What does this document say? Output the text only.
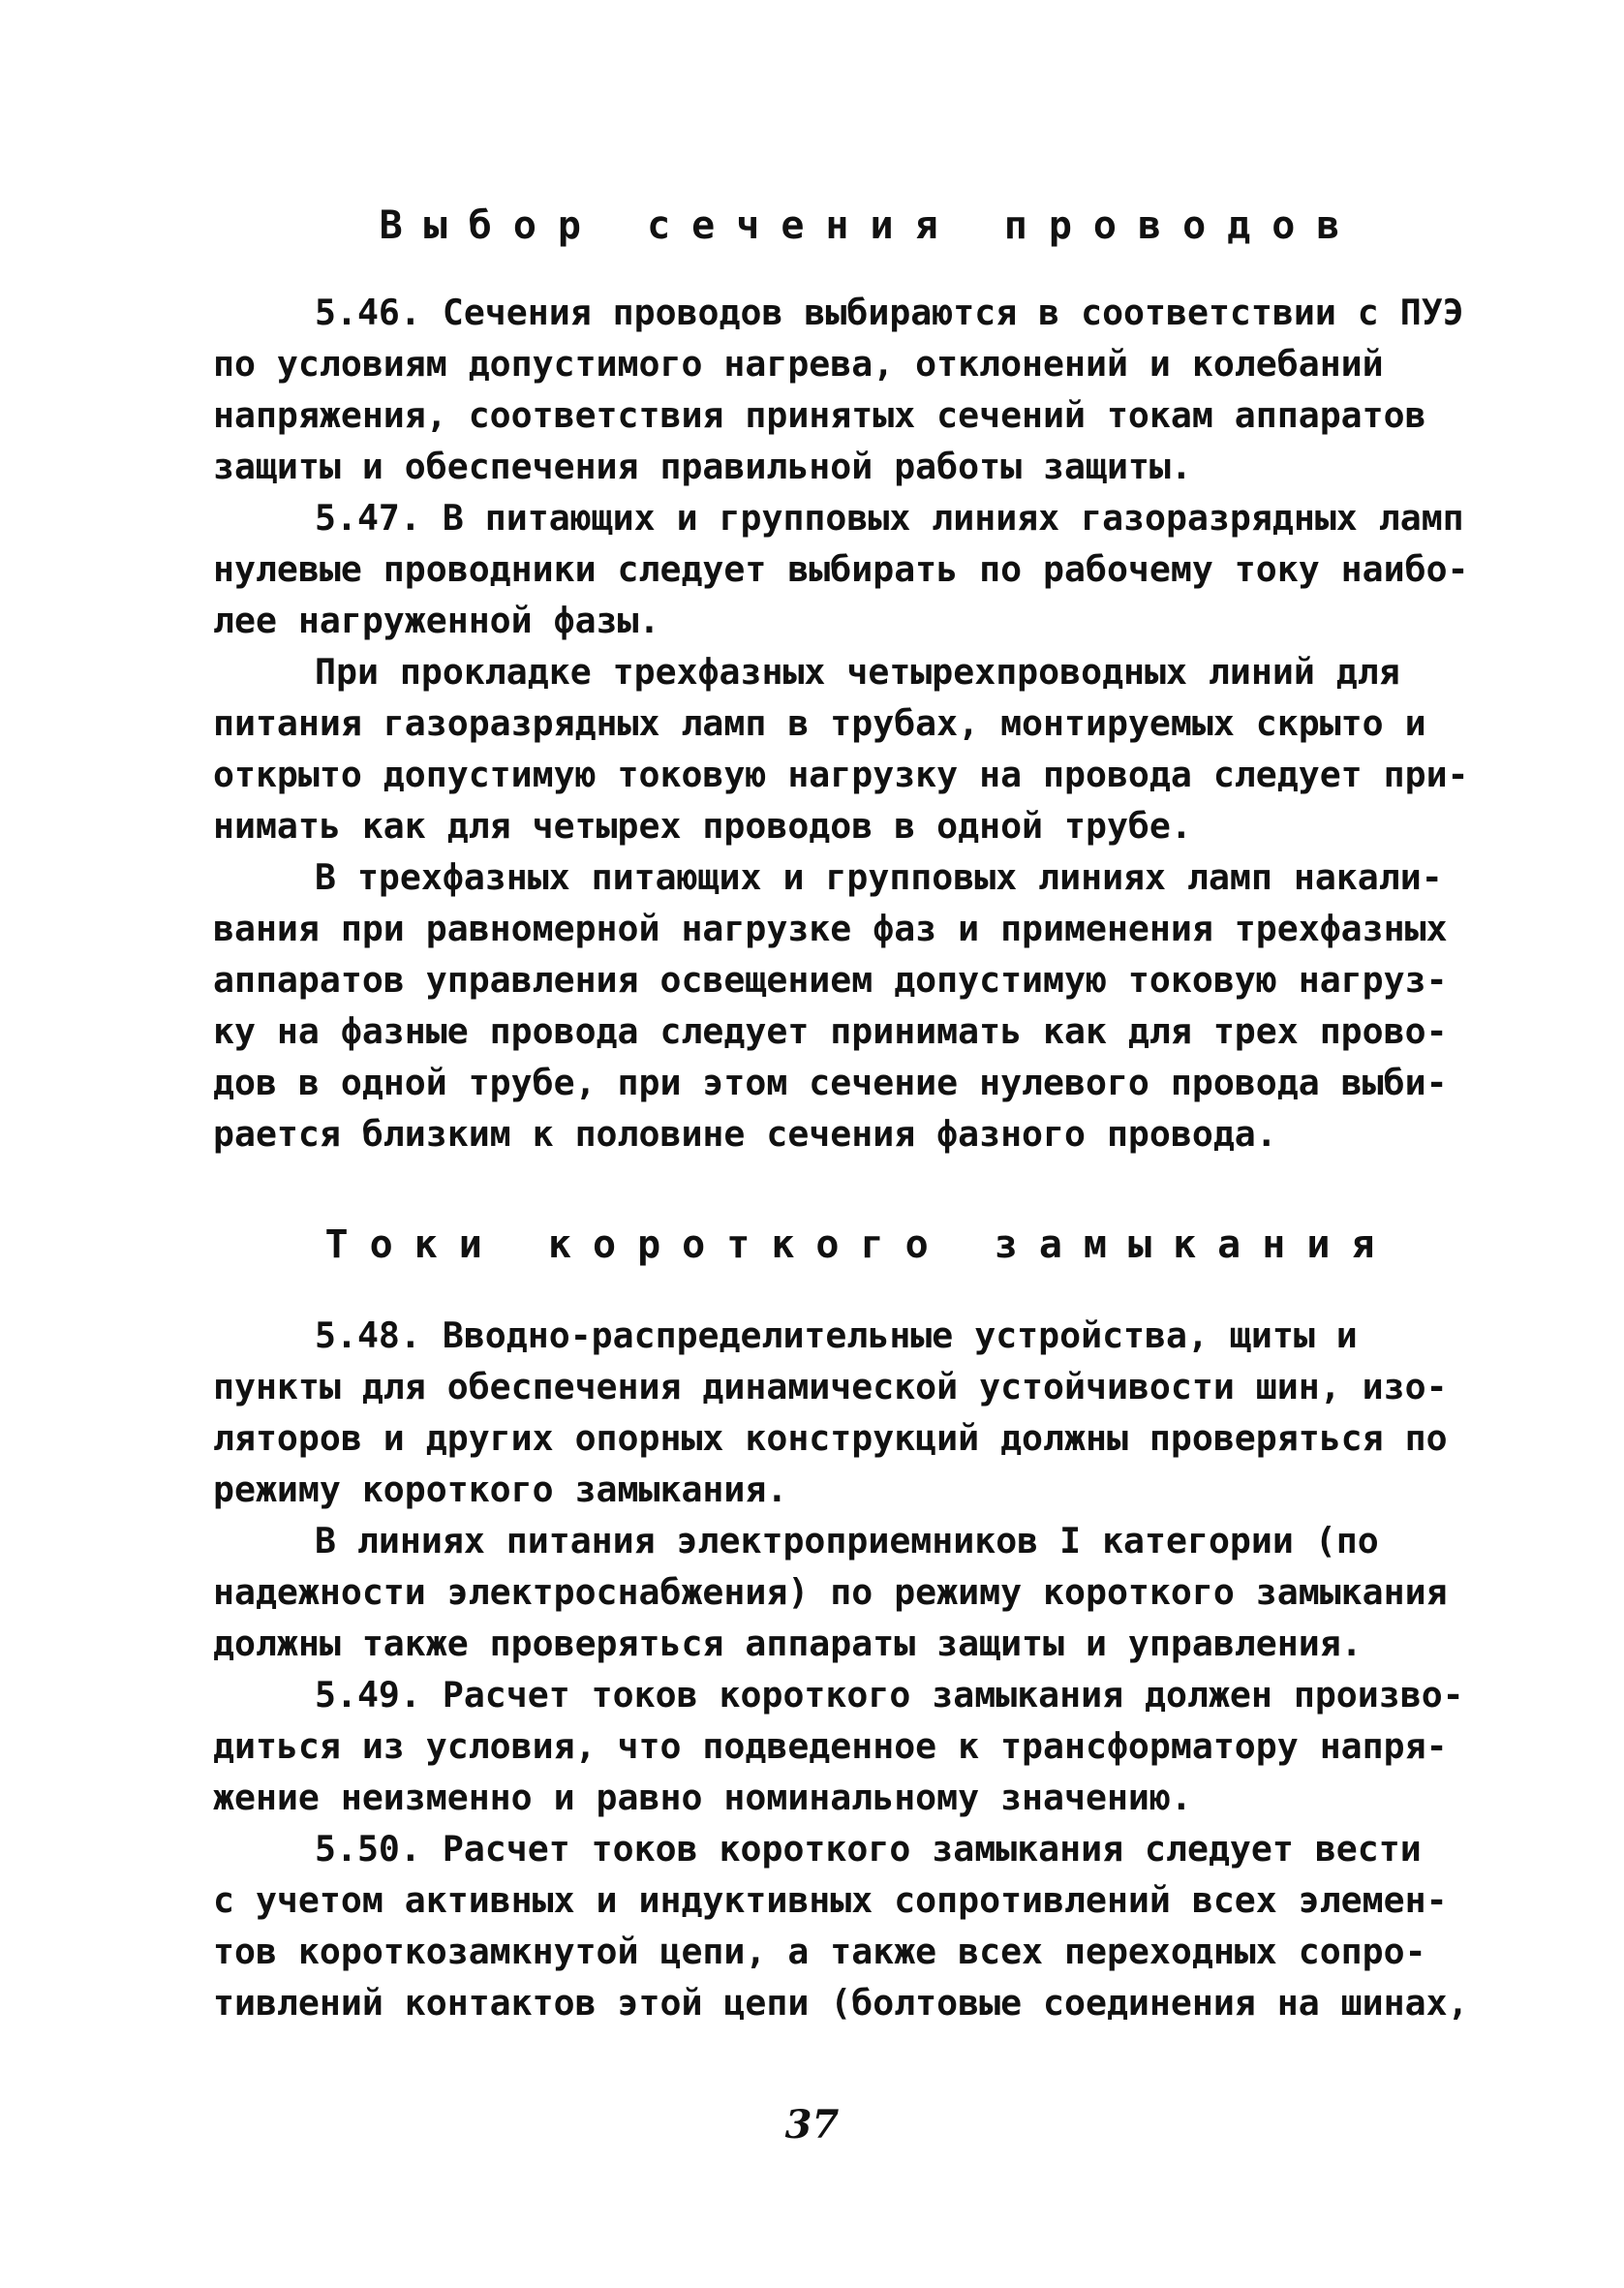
Выбор сечения проводов
5.46. Сечения проводов выбираются в соответствии с ПУЭ
по условиям допустимого нагрева, отклонений и колебаний
напряжения, соответствия принятых сечений токам аппаратов
защиты и обеспечения правильной работы защиты.
5.47. В питающих и групповых линиях газоразрядных ламп
нулевые проводники следует выбирать по рабочему току наибо-
лее нагруженной фазы.
При прокладке трехфазных четырехпроводных линий для
питания газоразрядных ламп в трубах, монтируемых скрыто и
открыто допустимую токовую нагрузку на провода следует при-
нимать как для четырех проводов в одной трубе.
В трехфазных питающих и групповых линиях ламп накали-
вания при равномерной нагрузке фаз и применения трехфазных
аппаратов управления освещением допустимую токовую нагруз-
ку на фазные провода следует принимать как для трех прово-
дов в одной трубе, при этом сечение нулевого провода выби-
рается близким к половине сечения фазного провода.
Токи короткого замыкания
5.48. Вводно-распределительные устройства, щиты и
пункты для обеспечения динамической устойчивости шин, изо-
ляторов и других опорных конструкций должны проверяться по
режиму короткого замыкания.
В линиях питания электроприемников I категории (по
надежности электроснабжения) по режиму короткого замыкания
должны также проверяться аппараты защиты и управления.
5.49. Расчет токов короткого замыкания должен произво-
диться из условия, что подведенное к трансформатору напря-
жение неизменно и равно номинальному значению.
5.50. Расчет токов короткого замыкания следует вести
с учетом активных и индуктивных сопротивлений всех элемен-
тов короткозамкнутой цепи, а также всех переходных сопро-
тивлений контактов этой цепи (болтовые соединения на шинах,
37
